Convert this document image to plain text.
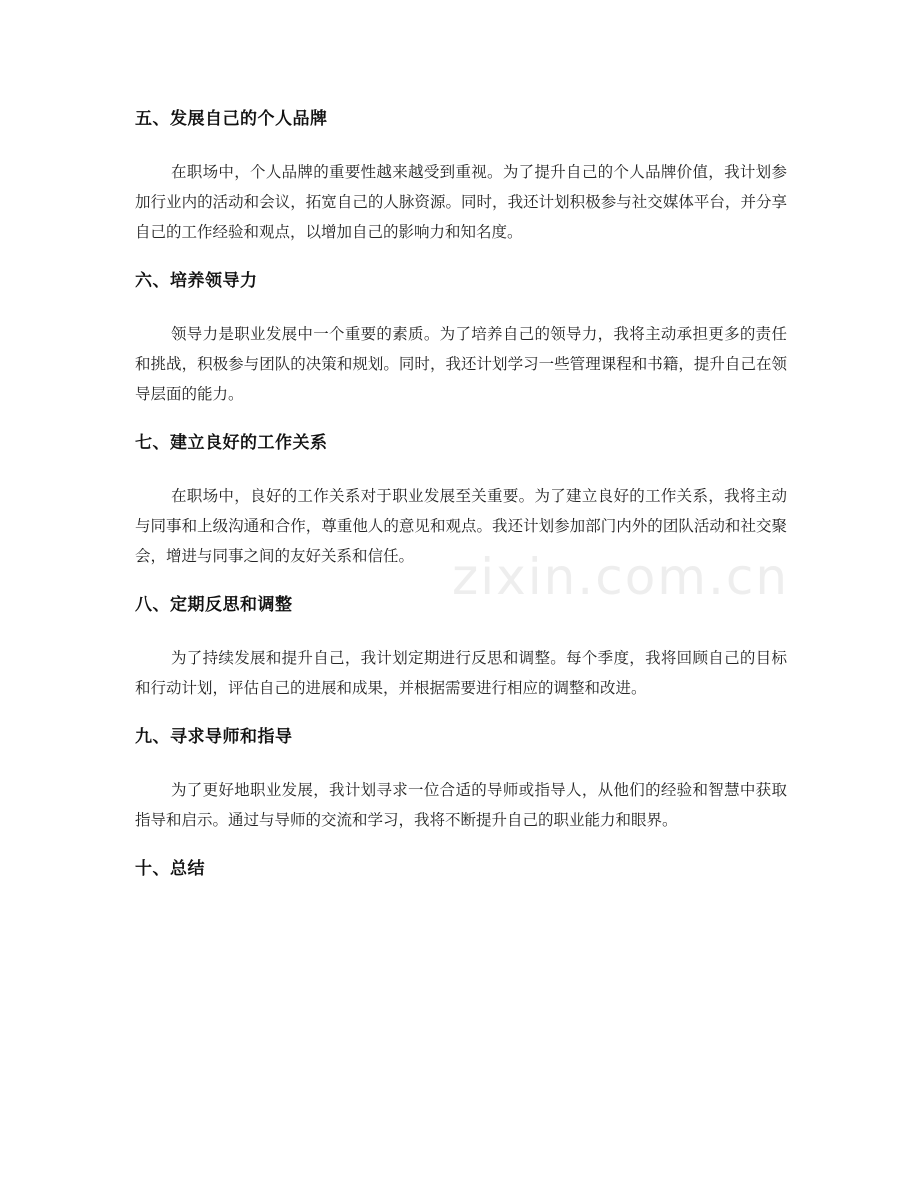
五、发展自己的个人品牌

在职场中，个人品牌的重要性越来越受到重视。为了提升自己的个人品牌价值，我计划参加行业内的活动和会议，拓宽自己的人脉资源。同时，我还计划积极参与社交媒体平台，并分享自己的工作经验和观点，以增加自己的影响力和知名度。

六、培养领导力

领导力是职业发展中一个重要的素质。为了培养自己的领导力，我将主动承担更多的责任和挑战，积极参与团队的决策和规划。同时，我还计划学习一些管理课程和书籍，提升自己在领导层面的能力。

七、建立良好的工作关系

在职场中，良好的工作关系对于职业发展至关重要。为了建立良好的工作关系，我将主动与同事和上级沟通和合作，尊重他人的意见和观点。我还计划参加部门内外的团队活动和社交聚会，增进与同事之间的友好关系和信任。

八、定期反思和调整

为了持续发展和提升自己，我计划定期进行反思和调整。每个季度，我将回顾自己的目标和行动计划，评估自己的进展和成果，并根据需要进行相应的调整和改进。

九、寻求导师和指导

为了更好地职业发展，我计划寻求一位合适的导师或指导人，从他们的经验和智慧中获取指导和启示。通过与导师的交流和学习，我将不断提升自己的职业能力和眼界。

十、总结
zixin.com.cn
